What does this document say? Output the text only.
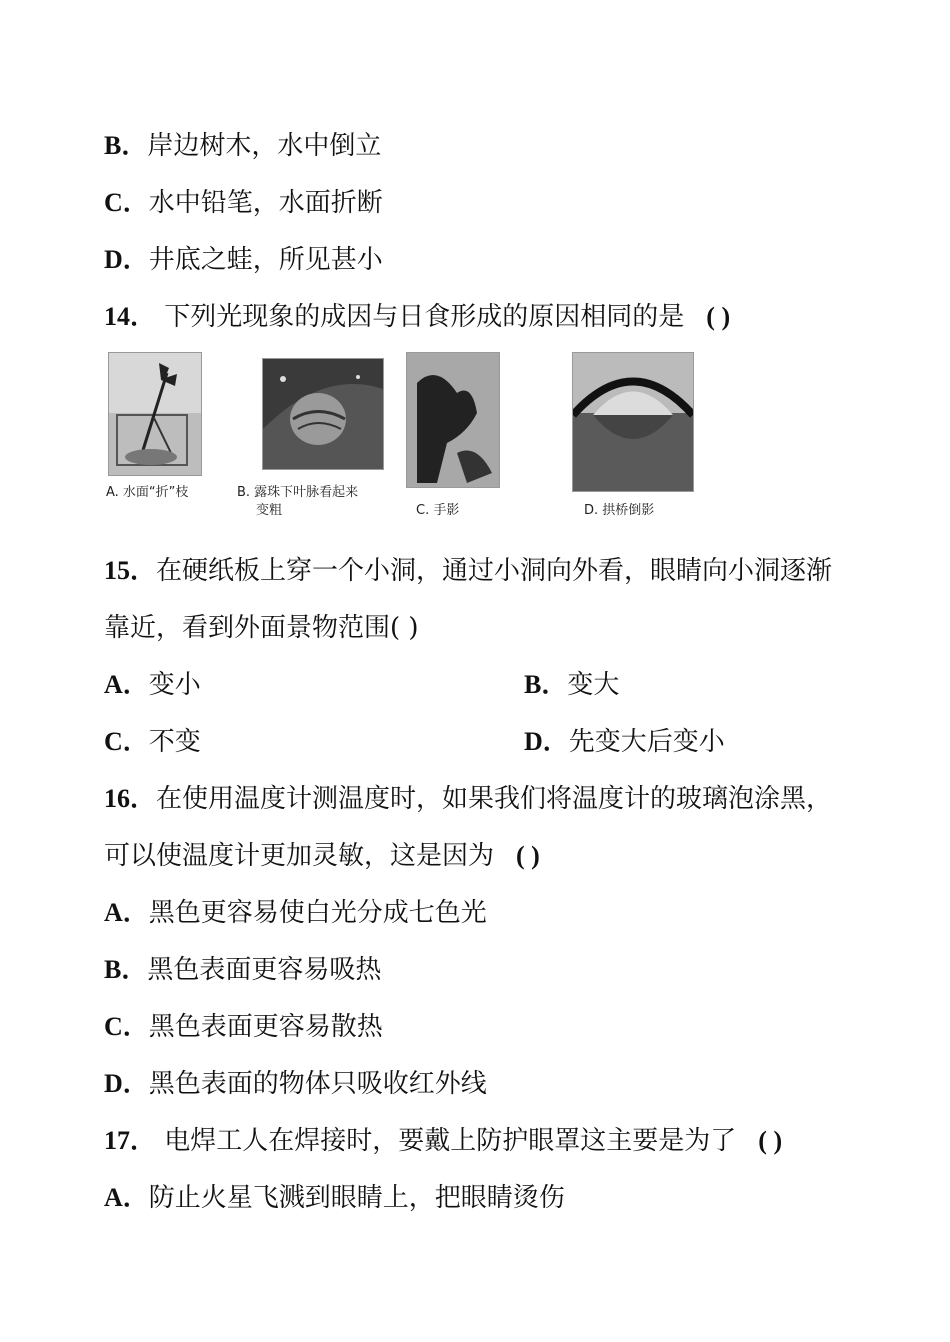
B．岸边树木，水中倒立
C．水中铅笔，水面折断
D．井底之蛙，所见甚小
14． 下列光现象的成因与日食形成的原因相同的是 ( )
A. 水面“折”枝	B. 露珠下叶脉看起来
变粗	C. 手影	D. 拱桥倒影
15．在硬纸板上穿一个小洞，通过小洞向外看，眼睛向小洞逐渐
靠近，看到外面景物范围( )
A．变小	B．变大
C．不变	D．先变大后变小
16．在使用温度计测温度时，如果我们将温度计的玻璃泡涂黑，
可以使温度计更加灵敏，这是因为 ( )
A．黑色更容易使白光分成七色光
B．黑色表面更容易吸热
C．黑色表面更容易散热
D．黑色表面的物体只吸收红外线
17． 电焊工人在焊接时，要戴上防护眼罩这主要是为了 ( )
A．防止火星飞溅到眼睛上，把眼睛烫伤
